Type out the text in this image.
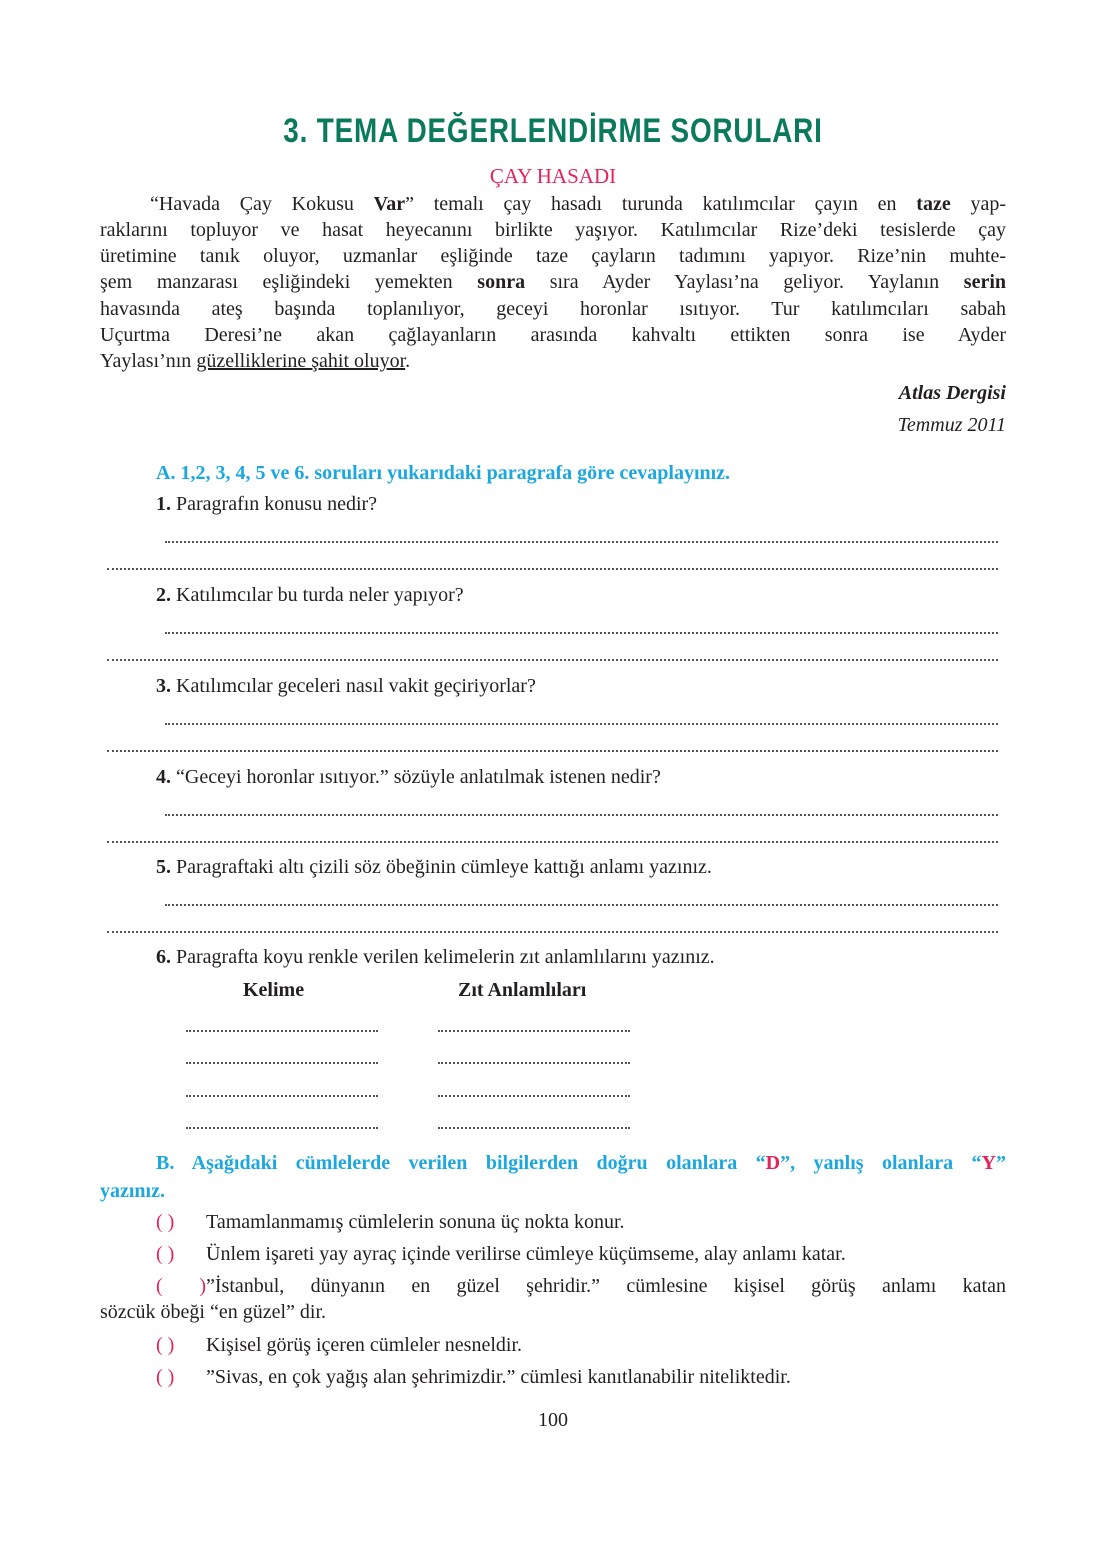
3. TEMA DEĞERLENDİRME SORULARI
ÇAY HASADI
“Havada Çay Kokusu Var” temalı çay hasadı turunda katılımcılar çayın en taze yap-
raklarını topluyor ve hasat heyecanını birlikte yaşıyor. Katılımcılar Rize’deki tesislerde çay
üretimine tanık oluyor, uzmanlar eşliğinde taze çayların tadımını yapıyor. Rize’nin muhte-
şem manzarası eşliğindeki yemekten sonra sıra Ayder Yaylası’na geliyor. Yaylanın serin
havasında ateş başında toplanılıyor, geceyi horonlar ısıtıyor. Tur katılımcıları sabah
Uçurtma Deresi’ne akan çağlayanların arasında kahvaltı ettikten sonra ise Ayder
Yaylası’nın güzelliklerine şahit oluyor.
Atlas Dergisi
Temmuz 2011
A. 1,2, 3, 4, 5 ve 6. soruları yukarıdaki paragrafa göre cevaplayınız.
1. Paragrafın konusu nedir?
2. Katılımcılar bu turda neler yapıyor?
3. Katılımcılar geceleri nasıl vakit geçiriyorlar?
4. “Geceyi horonlar ısıtıyor.” sözüyle anlatılmak istenen nedir?
5. Paragraftaki altı çizili söz öbeğinin cümleye kattığı anlamı yazınız.
6. Paragrafta koyu renkle verilen kelimelerin zıt anlamlılarını yazınız.
Kelime	Zıt Anlamlıları
B. Aşağıdaki cümlelerde verilen bilgilerden doğru olanlara “D”, yanlış olanlara “Y”
yazınız.
( ) Tamamlanmamış cümlelerin sonuna üç nokta konur.
( ) Ünlem işareti yay ayraç içinde verilirse cümleye küçümseme, alay anlamı katar.
( )”İstanbul, dünyanın en güzel şehridir.” cümlesine kişisel görüş anlamı katan
sözcük öbeği “en güzel” dir.
( ) Kişisel görüş içeren cümleler nesneldir.
( ) ”Sivas, en çok yağış alan şehrimizdir.” cümlesi kanıtlanabilir niteliktedir.
100
